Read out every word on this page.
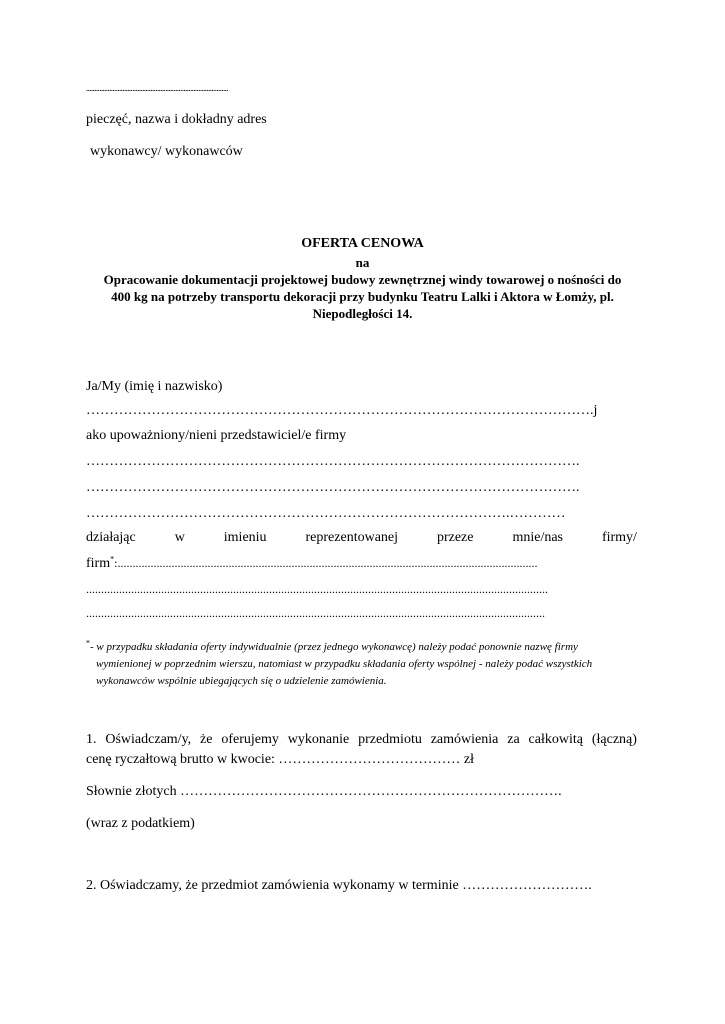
......................................................................................
pieczęć, nazwa i dokładny adres
wykonawcy/ wykonawców
OFERTA CENOWA
na
Opracowanie dokumentacji projektowej budowy zewnętrznej windy towarowej o nośności do
400 kg na potrzeby transportu dekoracji przy budynku Teatru Lalki i Aktora w Łomży, pl.
Niepodległości 14.
Ja/My (imię i nazwisko)
……………………………………………………………………………………………….j
ako upoważniony/nieni przedstawiciel/e firmy
…………………………………………………………………………………………….
…………………………………………………………………………………………….
……………………………………………………………………………….…………
działając	w	imieniu	reprezentowanej	przeze	mnie/nas	firmy/
firm*:............................................................................................................................................
..........................................................................................................................................................
.........................................................................................................................................................
*- w przypadku składania oferty indywidualnie (przez jednego wykonawcę) należy podać ponownie nazwę firmy
wymienionej w poprzednim wierszu, natomiast w przypadku składania oferty wspólnej - należy podać wszystkich
wykonawców wspólnie ubiegających się o udzielenie zamówienia.
1. Oświadczam/y, że oferujemy wykonanie przedmiotu zamówienia za całkowitą (łączną)
cenę ryczałtową brutto w kwocie: ………………………………… zł
Słownie złotych ……………………………………………………………………….
(wraz z podatkiem)
2. Oświadczamy, że przedmiot zamówienia wykonamy w terminie ……………………….
